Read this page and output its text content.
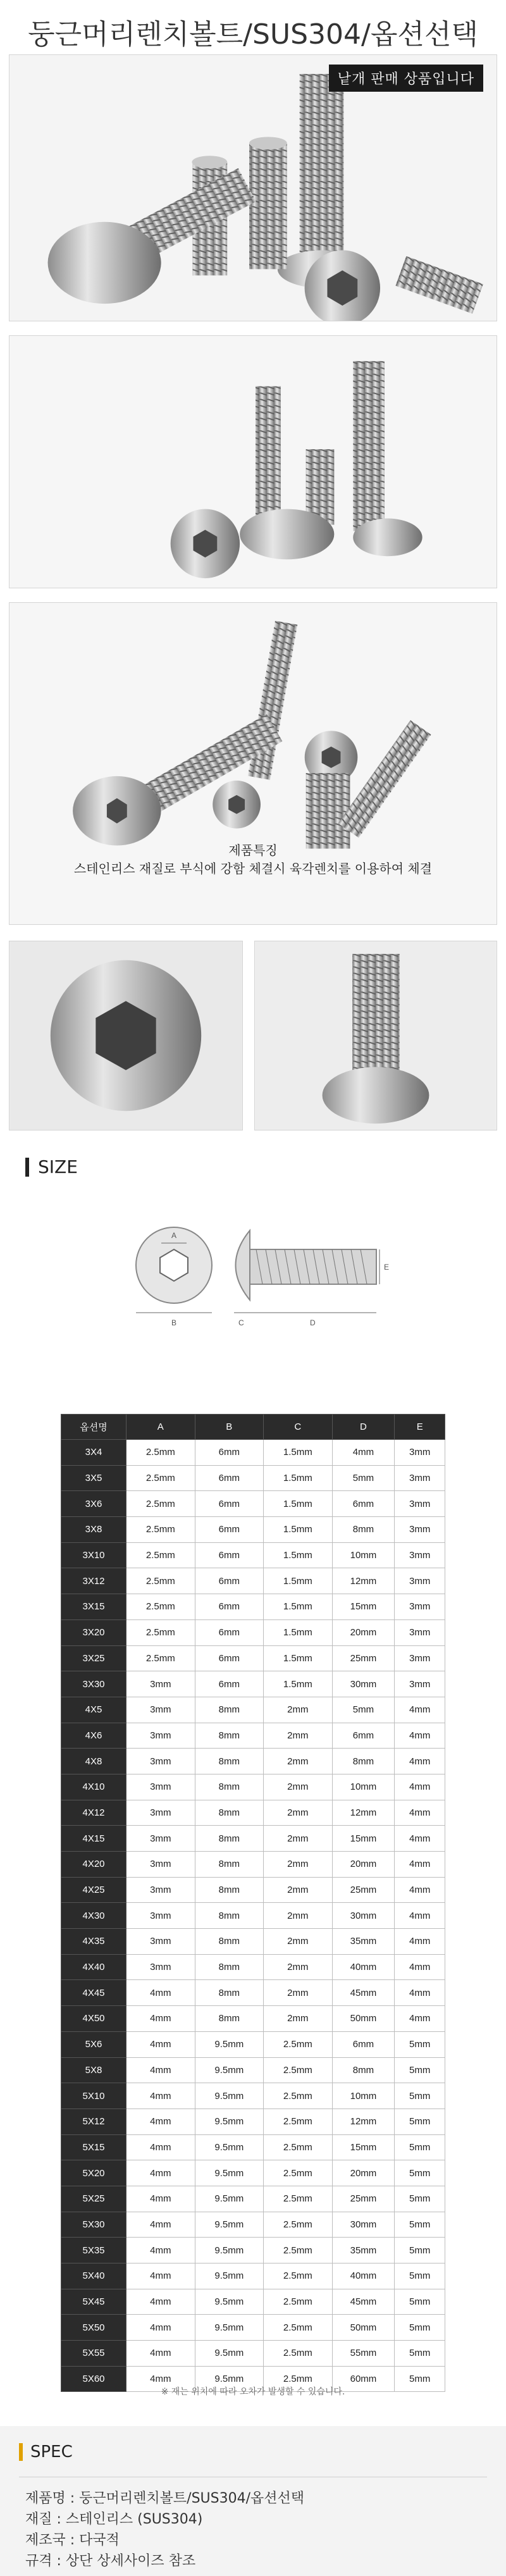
둥근머리렌치볼트/SUS304/옵션선택
낱개 판매 상품입니다
제품특징
스테인리스 재질로 부식에 강함 체결시 육각렌치를 이용하여 체결
SIZE
A
B
E
C	D
옵션명	A	B	C	D	E
3X4	2.5mm	6mm	1.5mm	4mm	3mm
3X5	2.5mm	6mm	1.5mm	5mm	3mm
3X6	2.5mm	6mm	1.5mm	6mm	3mm
3X8	2.5mm	6mm	1.5mm	8mm	3mm
3X10	2.5mm	6mm	1.5mm	10mm	3mm
3X12	2.5mm	6mm	1.5mm	12mm	3mm
3X15	2.5mm	6mm	1.5mm	15mm	3mm
3X20	2.5mm	6mm	1.5mm	20mm	3mm
3X25	2.5mm	6mm	1.5mm	25mm	3mm
3X30	3mm	6mm	1.5mm	30mm	3mm
4X5	3mm	8mm	2mm	5mm	4mm
4X6	3mm	8mm	2mm	6mm	4mm
4X8	3mm	8mm	2mm	8mm	4mm
4X10	3mm	8mm	2mm	10mm	4mm
4X12	3mm	8mm	2mm	12mm	4mm
4X15	3mm	8mm	2mm	15mm	4mm
4X20	3mm	8mm	2mm	20mm	4mm
4X25	3mm	8mm	2mm	25mm	4mm
4X30	3mm	8mm	2mm	30mm	4mm
4X35	3mm	8mm	2mm	35mm	4mm
4X40	3mm	8mm	2mm	40mm	4mm
4X45	4mm	8mm	2mm	45mm	4mm
4X50	4mm	8mm	2mm	50mm	4mm
5X6	4mm	9.5mm	2.5mm	6mm	5mm
5X8	4mm	9.5mm	2.5mm	8mm	5mm
5X10	4mm	9.5mm	2.5mm	10mm	5mm
5X12	4mm	9.5mm	2.5mm	12mm	5mm
5X15	4mm	9.5mm	2.5mm	15mm	5mm
5X20	4mm	9.5mm	2.5mm	20mm	5mm
5X25	4mm	9.5mm	2.5mm	25mm	5mm
5X30	4mm	9.5mm	2.5mm	30mm	5mm
5X35	4mm	9.5mm	2.5mm	35mm	5mm
5X40	4mm	9.5mm	2.5mm	40mm	5mm
5X45	4mm	9.5mm	2.5mm	45mm	5mm
5X50	4mm	9.5mm	2.5mm	50mm	5mm
5X55	4mm	9.5mm	2.5mm	55mm	5mm
5X60	4mm	9.5mm	2.5mm	60mm	5mm
※ 재는 위치에 따라 오차가 발생할 수 있습니다.
SPEC
제품명 : 둥근머리렌치볼트/SUS304/옵션선택
재질 : 스테인리스 (SUS304)
제조국 : 다국적
규격 : 상단 상세사이즈 참조
